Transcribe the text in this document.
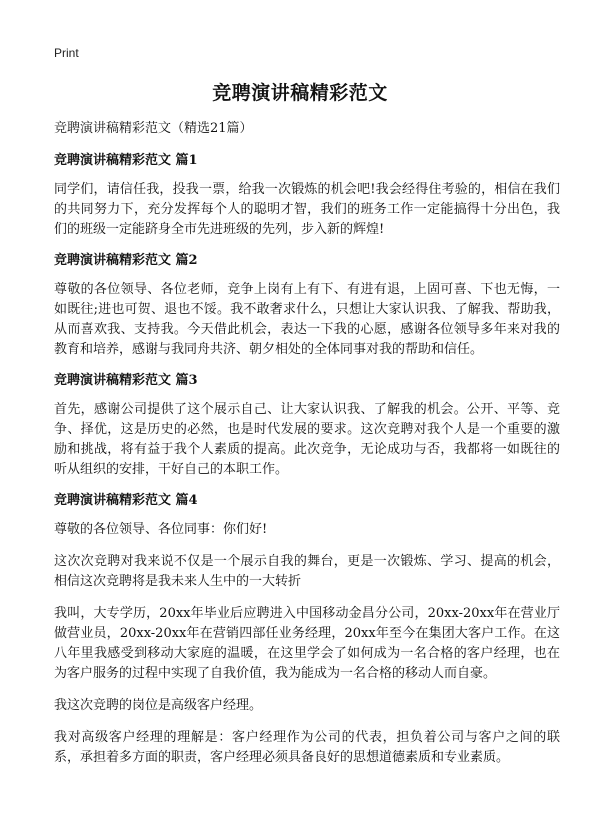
Print
竞聘演讲稿精彩范文

竞聘演讲稿精彩范文（精选21篇）

竞聘演讲稿精彩范文 篇1

同学们，请信任我，投我一票，给我一次锻炼的机会吧!我会经得住考验的，相信在我们的共同努力下，充分发挥每个人的聪明才智，我们的班务工作一定能搞得十分出色，我们的班级一定能跻身全市先进班级的先列，步入新的辉煌!

竞聘演讲稿精彩范文 篇2

尊敬的各位领导、各位老师，竞争上岗有上有下、有进有退，上固可喜、下也无悔，一如既往;进也可贺、退也不馁。我不敢奢求什么，只想让大家认识我、了解我、帮助我，从而喜欢我、支持我。今天借此机会，表达一下我的心愿，感谢各位领导多年来对我的教育和培养，感谢与我同舟共济、朝夕相处的全体同事对我的帮助和信任。

竞聘演讲稿精彩范文 篇3

首先，感谢公司提供了这个展示自己、让大家认识我、了解我的机会。公开、平等、竞争、择优，这是历史的必然，也是时代发展的要求。这次竞聘对我个人是一个重要的激励和挑战，将有益于我个人素质的提高。此次竞争，无论成功与否，我都将一如既往的听从组织的安排，干好自己的本职工作。

竞聘演讲稿精彩范文 篇4

尊敬的各位领导、各位同事：你们好!

这次次竞聘对我来说不仅是一个展示自我的舞台，更是一次锻炼、学习、提高的机会，相信这次竞聘将是我未来人生中的一大转折

我叫，大专学历，20xx年毕业后应聘进入中国移动金昌分公司，20xx-20xx年在营业厅做营业员，20xx-20xx年在营销四部任业务经理，20xx年至今在集团大客户工作。在这八年里我感受到移动大家庭的温暖，在这里学会了如何成为一名合格的客户经理，也在为客户服务的过程中实现了自我价值，我为能成为一名合格的移动人而自豪。

我这次竞聘的岗位是高级客户经理。

我对高级客户经理的理解是：客户经理作为公司的代表，担负着公司与客户之间的联系，承担着多方面的职责，客户经理必须具备良好的思想道德素质和专业素质。
